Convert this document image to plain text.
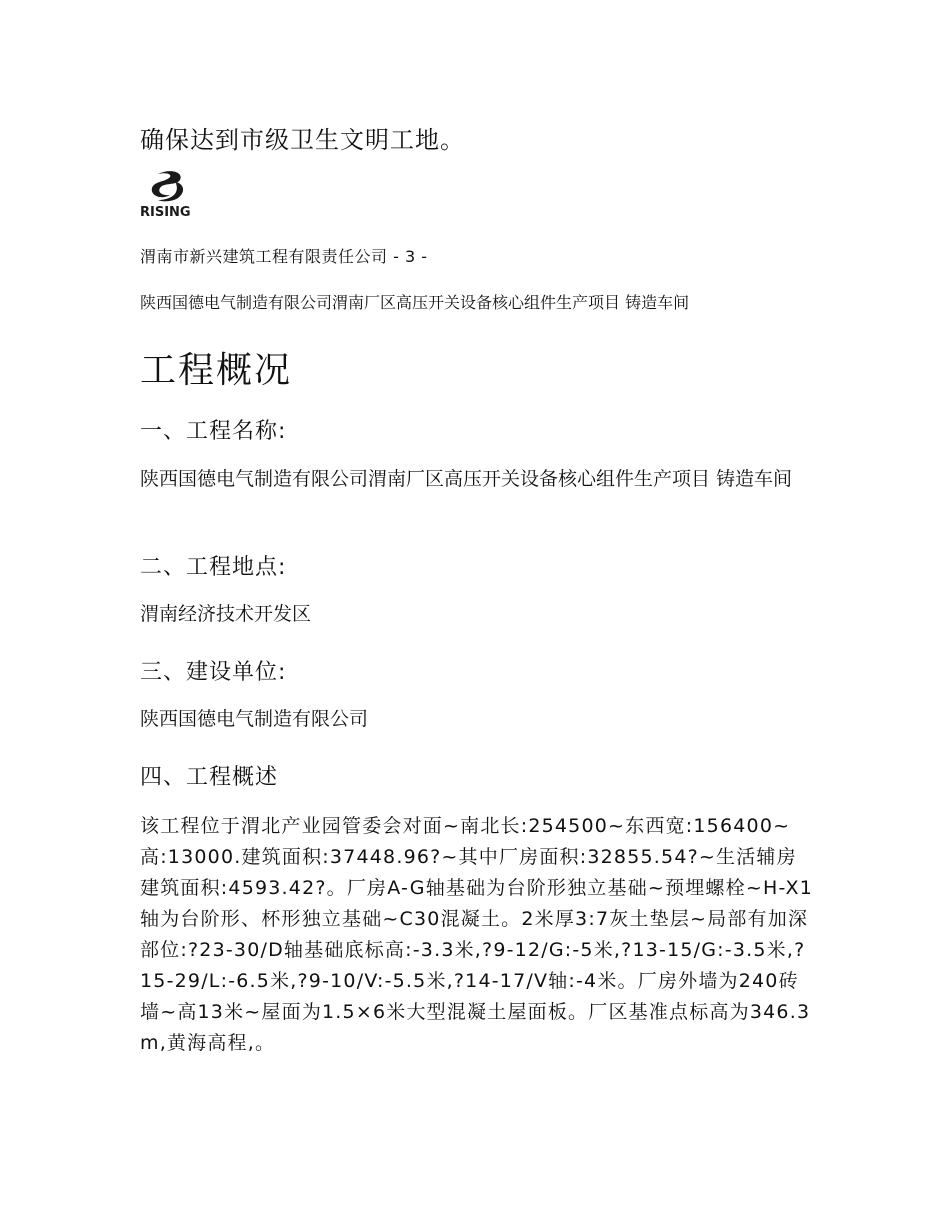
确保达到市级卫生文明工地。
RISING
渭南市新兴建筑工程有限责任公司 - 3 -
陕西国德电气制造有限公司渭南厂区高压开关设备核心组件生产项目 铸造车间
工程概况
一、工程名称:

陕西国德电气制造有限公司渭南厂区高压开关设备核心组件生产项目 铸造车间

二、工程地点:

渭南经济技术开发区

三、建设单位:

陕西国德电气制造有限公司

四、工程概述

该工程位于渭北产业园管委会对面~南北长:254500~东西宽:156400~高:13000.建筑面积:37448.96?~其中厂房面积:32855.54?~生活辅房建筑面积:4593.42?。厂房A-G轴基础为台阶形独立基础~预埋螺栓~H-X1轴为台阶形、杯形独立基础~C30混凝土。2米厚3:7灰土垫层~局部有加深部位:?23-30/D轴基础底标高:-3.3米,?9-12/G:-5米,?13-15/G:-3.5米,?15-29/L:-6.5米,?9-10/V:-5.5米,?14-17/V轴:-4米。厂房外墙为240砖墙~高13米~屋面为1.5×6米大型混凝土屋面板。厂区基准点标高为346.3m,黄海高程,。
